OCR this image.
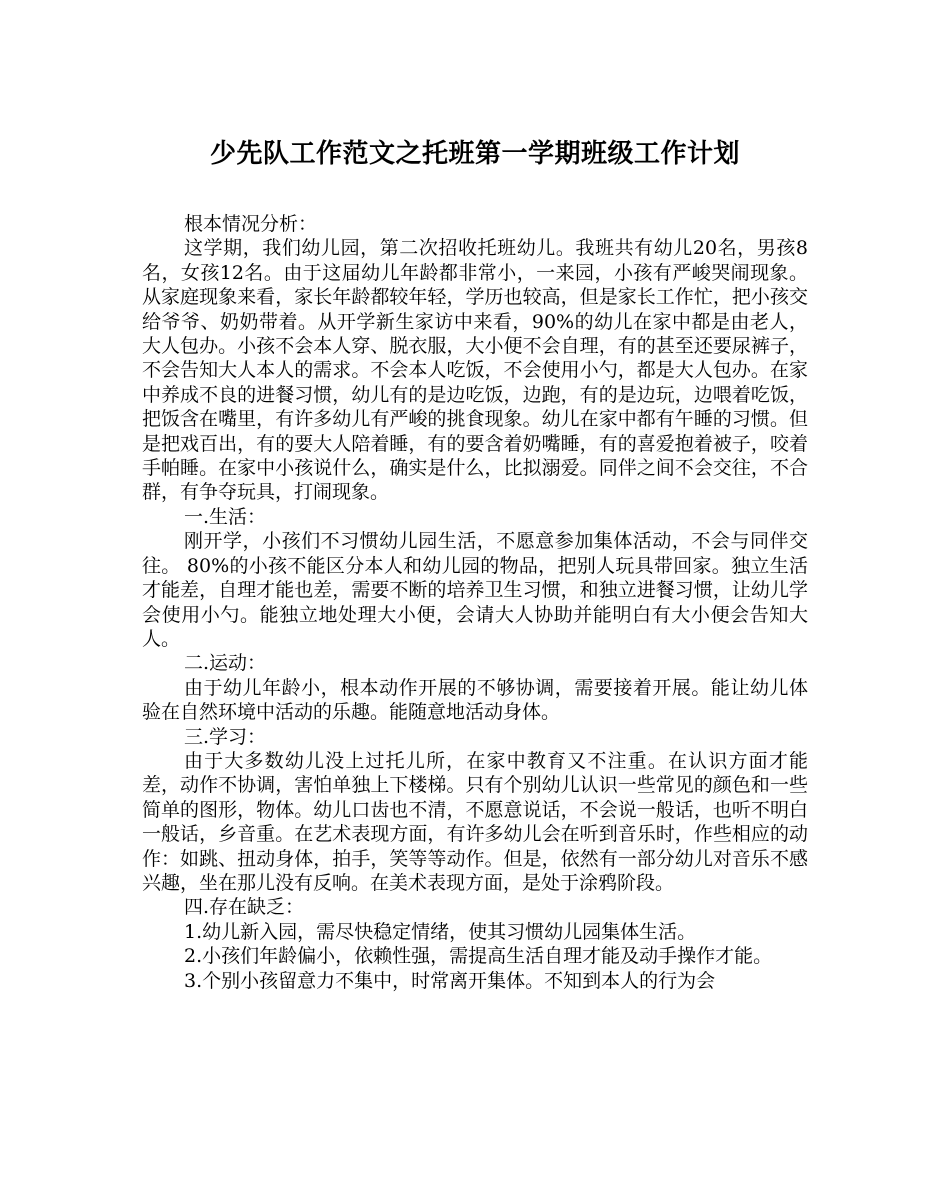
少先队工作范文之托班第一学期班级工作计划

根本情况分析：

这学期，我们幼儿园，第二次招收托班幼儿。我班共有幼儿20名，男孩8名，女孩12名。由于这届幼儿年龄都非常小，一来园，小孩有严峻哭闹现象。从家庭现象来看，家长年龄都较年轻，学历也较高，但是家长工作忙，把小孩交给爷爷、奶奶带着。从开学新生家访中来看，90%的幼儿在家中都是由老人，大人包办。小孩不会本人穿、脱衣服，大小便不会自理，有的甚至还要尿裤子，不会告知大人本人的需求。不会本人吃饭，不会使用小勺，都是大人包办。在家中养成不良的进餐习惯，幼儿有的是边吃饭，边跑，有的是边玩，边喂着吃饭，把饭含在嘴里，有许多幼儿有严峻的挑食现象。幼儿在家中都有午睡的习惯。但是把戏百出，有的要大人陪着睡，有的要含着奶嘴睡，有的喜爱抱着被子，咬着手帕睡。在家中小孩说什么，确实是什么，比拟溺爱。同伴之间不会交往，不合群，有争夺玩具，打闹现象。

一.生活：

刚开学，小孩们不习惯幼儿园生活，不愿意参加集体活动，不会与同伴交往。 80%的小孩不能区分本人和幼儿园的物品，把别人玩具带回家。独立生活才能差，自理才能也差，需要不断的培养卫生习惯，和独立进餐习惯，让幼儿学会使用小勺。能独立地处理大小便，会请大人协助并能明白有大小便会告知大人。

二.运动：

由于幼儿年龄小，根本动作开展的不够协调，需要接着开展。能让幼儿体验在自然环境中活动的乐趣。能随意地活动身体。

三.学习：

由于大多数幼儿没上过托儿所，在家中教育又不注重。在认识方面才能差，动作不协调，害怕单独上下楼梯。只有个别幼儿认识一些常见的颜色和一些简单的图形，物体。幼儿口齿也不清，不愿意说话，不会说一般话，也听不明白一般话，乡音重。在艺术表现方面，有许多幼儿会在听到音乐时，作些相应的动作：如跳、扭动身体，拍手，笑等等动作。但是，依然有一部分幼儿对音乐不感兴趣，坐在那儿没有反响。在美术表现方面，是处于涂鸦阶段。

四.存在缺乏：

1.幼儿新入园，需尽快稳定情绪，使其习惯幼儿园集体生活。

2.小孩们年龄偏小，依赖性强，需提高生活自理才能及动手操作才能。

3.个别小孩留意力不集中，时常离开集体。不知到本人的行为会
